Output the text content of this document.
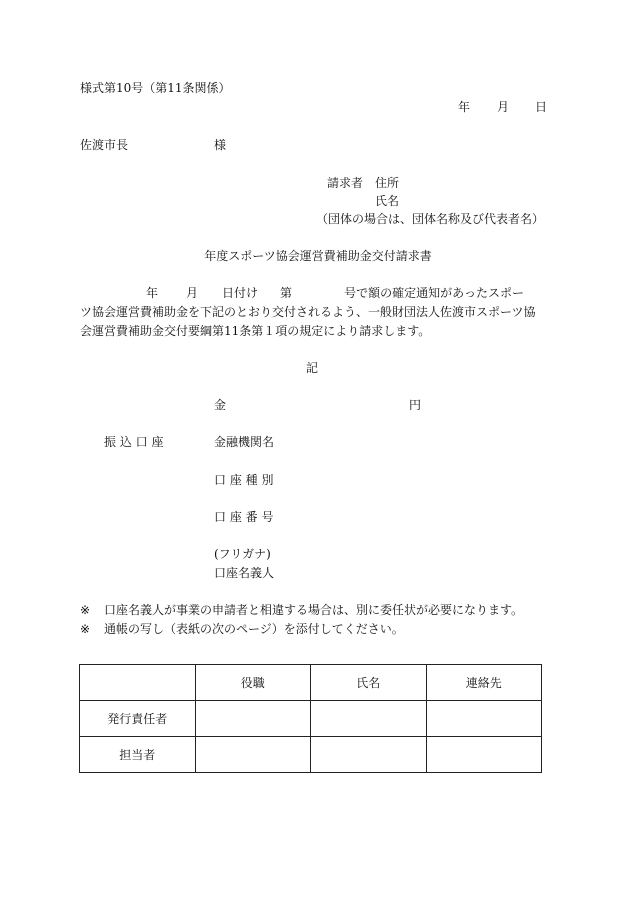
様式第10号（第11条関係）
年 月 日
佐渡市長	様
請求者 住所
氏名
（団体の場合は、団体名称及び代表者名）
年度スポーツ協会運営費補助金交付請求書
年 月 日付け 第	号で額の確定通知があったスポー
ツ協会運営費補助金を下記のとおり交付されるよう、一般財団法人佐渡市スポーツ協
会運営費補助金交付要綱第11条第１項の規定により請求します。
記
金	円
振 込 口 座	金融機関名
口 座 種 別
口 座 番 号
(フリガナ)
口座名義人
※ 口座名義人が事業の申請者と相違する場合は、別に委任状が必要になります。
※ 通帳の写し（表紙の次のページ）を添付してください。
	役職	氏名	連絡先
発行責任者			
担当者			
